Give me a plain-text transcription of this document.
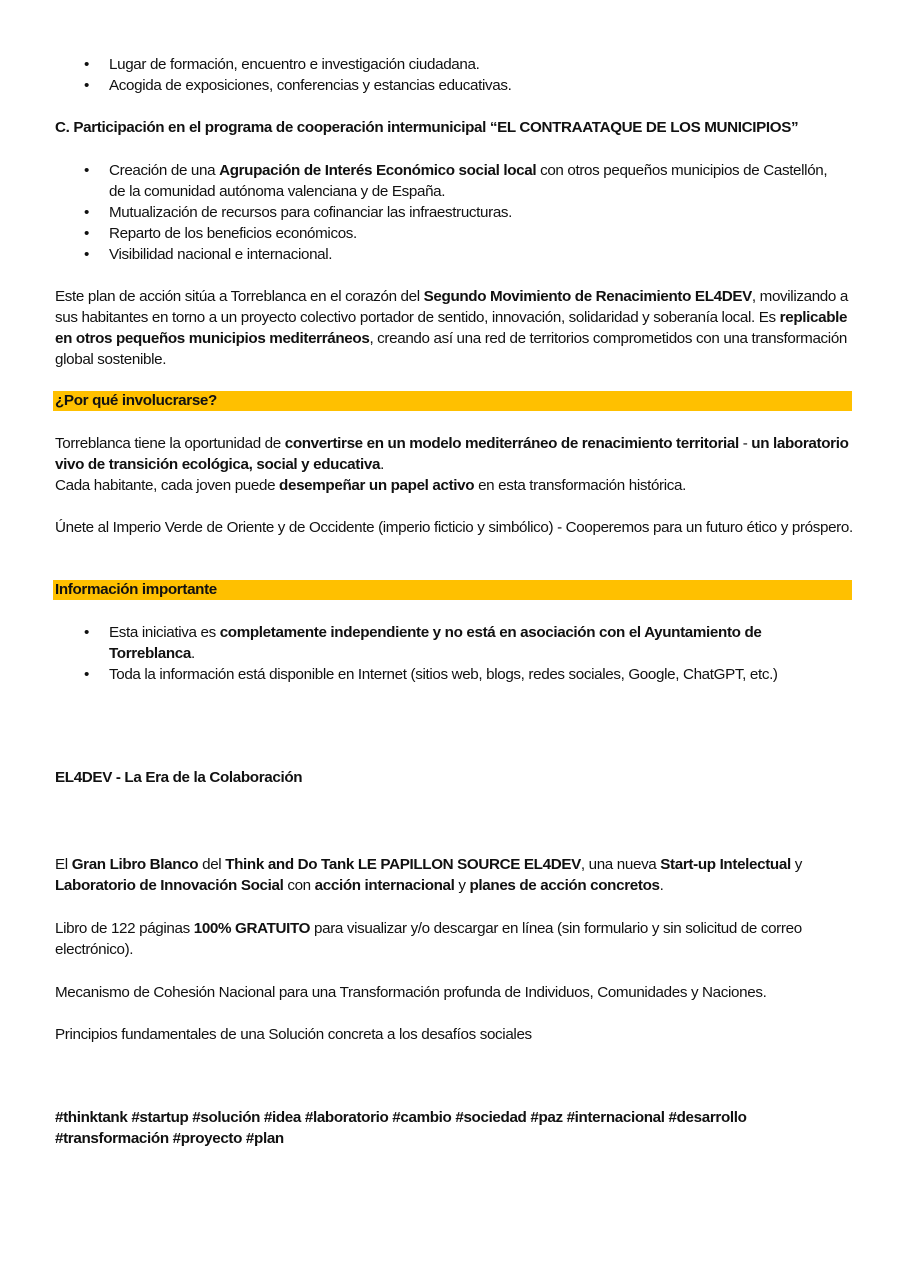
•	Lugar de formación, encuentro e investigación ciudadana.
•	Acogida de exposiciones, conferencias y estancias educativas.
C. Participación en el programa de cooperación intermunicipal “EL CONTRAATAQUE DE LOS MUNICIPIOS”
•	Creación de una Agrupación de Interés Económico social local con otros pequeños municipios de Castellón, de la comunidad autónoma valenciana y de España.
•	Mutualización de recursos para cofinanciar las infraestructuras.
•	Reparto de los beneficios económicos.
•	Visibilidad nacional e internacional.
Este plan de acción sitúa a Torreblanca en el corazón del Segundo Movimiento de Renacimiento EL4DEV, movilizando a sus habitantes en torno a un proyecto colectivo portador de sentido, innovación, solidaridad y soberanía local. Es replicable en otros pequeños municipios mediterráneos, creando así una red de territorios comprometidos con una transformación global sostenible.
¿Por qué involucrarse?
Torreblanca tiene la oportunidad de convertirse en un modelo mediterráneo de renacimiento territorial - un laboratorio vivo de transición ecológica, social y educativa.
Cada habitante, cada joven puede desempeñar un papel activo en esta transformación histórica.
Únete al Imperio Verde de Oriente y de Occidente (imperio ficticio y simbólico) - Cooperemos para un futuro ético y próspero.
Información importante
•	Esta iniciativa es completamente independiente y no está en asociación con el Ayuntamiento de Torreblanca.
•	Toda la información está disponible en Internet (sitios web, blogs, redes sociales, Google, ChatGPT, etc.)
EL4DEV - La Era de la Colaboración
El Gran Libro Blanco del Think and Do Tank LE PAPILLON SOURCE EL4DEV, una nueva Start-up Intelectual y Laboratorio de Innovación Social con acción internacional y planes de acción concretos.
Libro de 122 páginas 100% GRATUITO para visualizar y/o descargar en línea (sin formulario y sin solicitud de correo electrónico).
Mecanismo de Cohesión Nacional para una Transformación profunda de Individuos, Comunidades y Naciones.
Principios fundamentales de una Solución concreta a los desafíos sociales
#thinktank #startup #solución #idea #laboratorio #cambio #sociedad #paz #internacional #desarrollo #transformación #proyecto #plan
